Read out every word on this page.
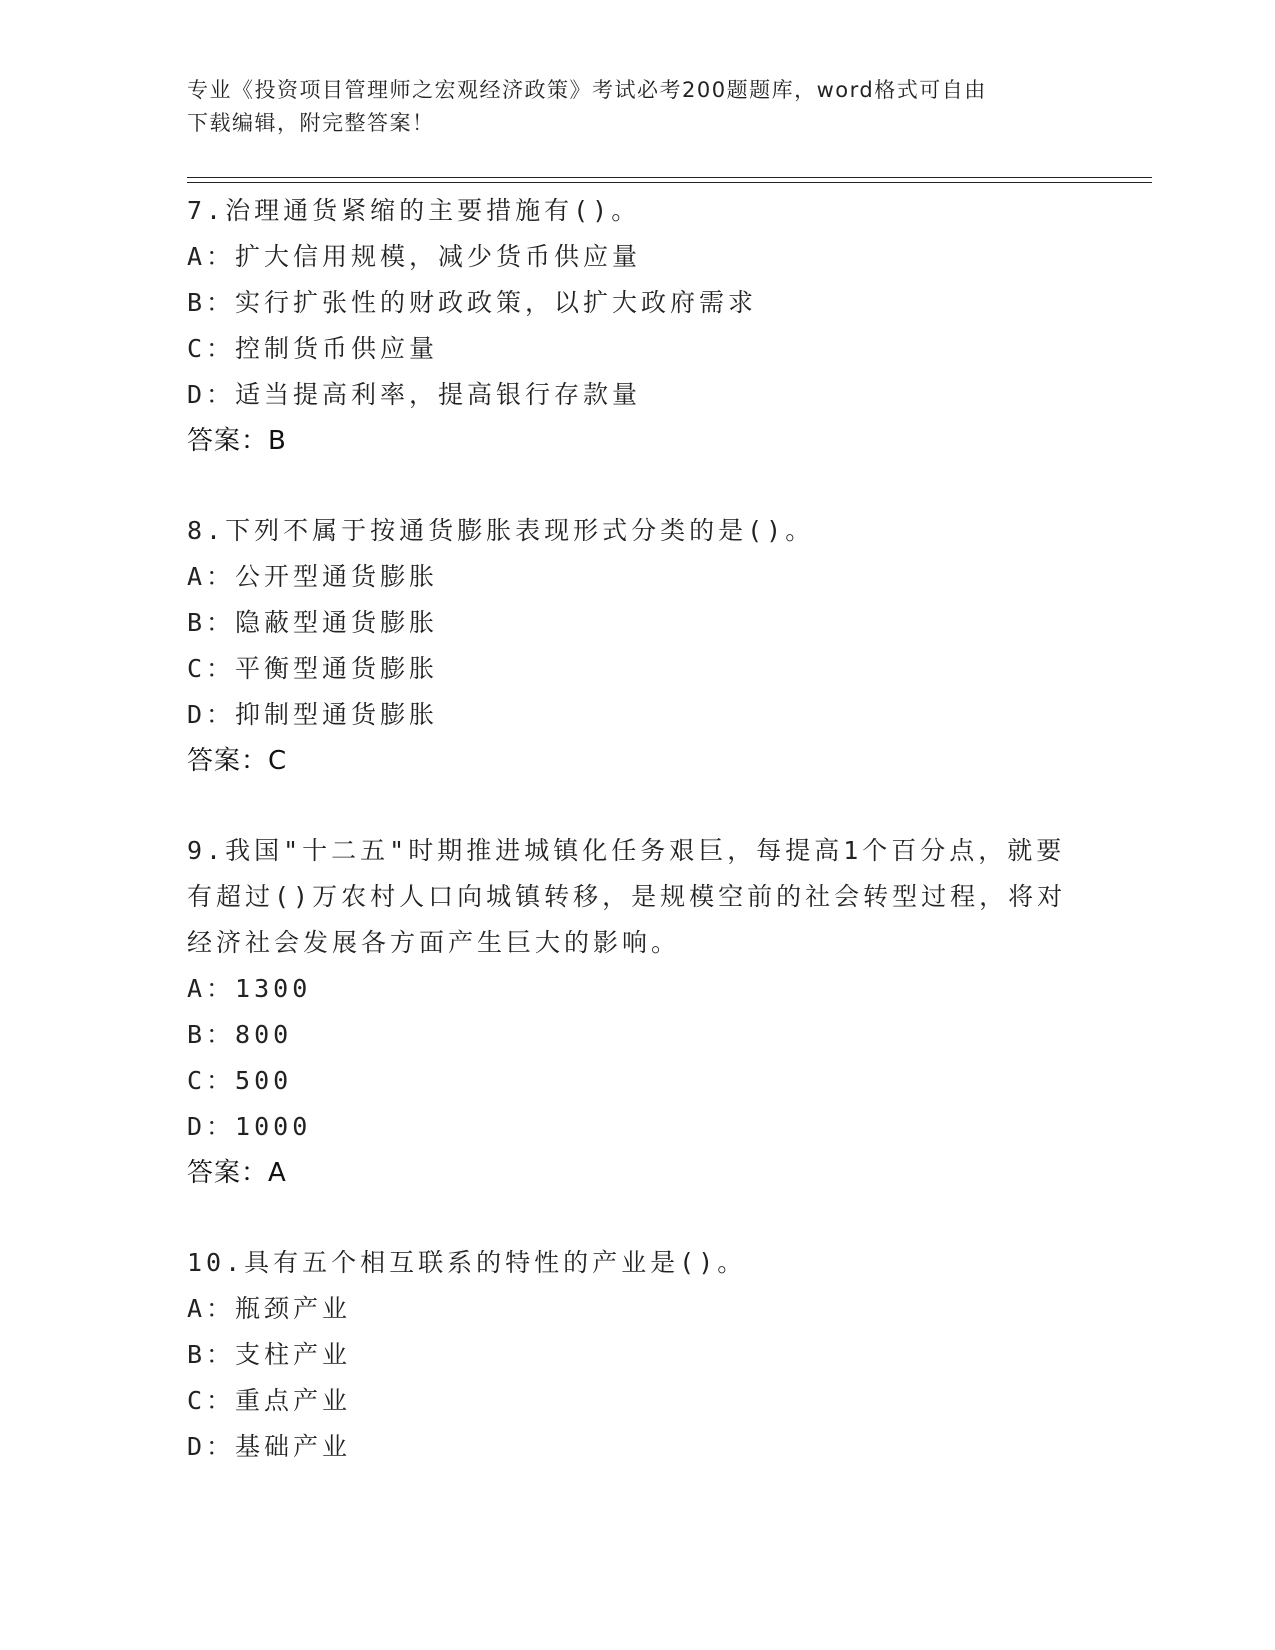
专业《投资项目管理师之宏观经济政策》考试必考200题题库，word格式可自由
下载编辑，附完整答案！
7.治理通货紧缩的主要措施有()。
A：扩大信用规模，减少货币供应量
B：实行扩张性的财政政策，以扩大政府需求
C：控制货币供应量
D：适当提高利率，提高银行存款量
答案：B
8.下列不属于按通货膨胀表现形式分类的是()。
A：公开型通货膨胀
B：隐蔽型通货膨胀
C：平衡型通货膨胀
D：抑制型通货膨胀
答案：C
9.我国"十二五"时期推进城镇化任务艰巨，每提高1个百分点，就要
有超过()万农村人口向城镇转移，是规模空前的社会转型过程，将对
经济社会发展各方面产生巨大的影响。
A：1300
B：800
C：500
D：1000
答案：A
10.具有五个相互联系的特性的产业是()。
A：瓶颈产业
B：支柱产业
C：重点产业
D：基础产业
